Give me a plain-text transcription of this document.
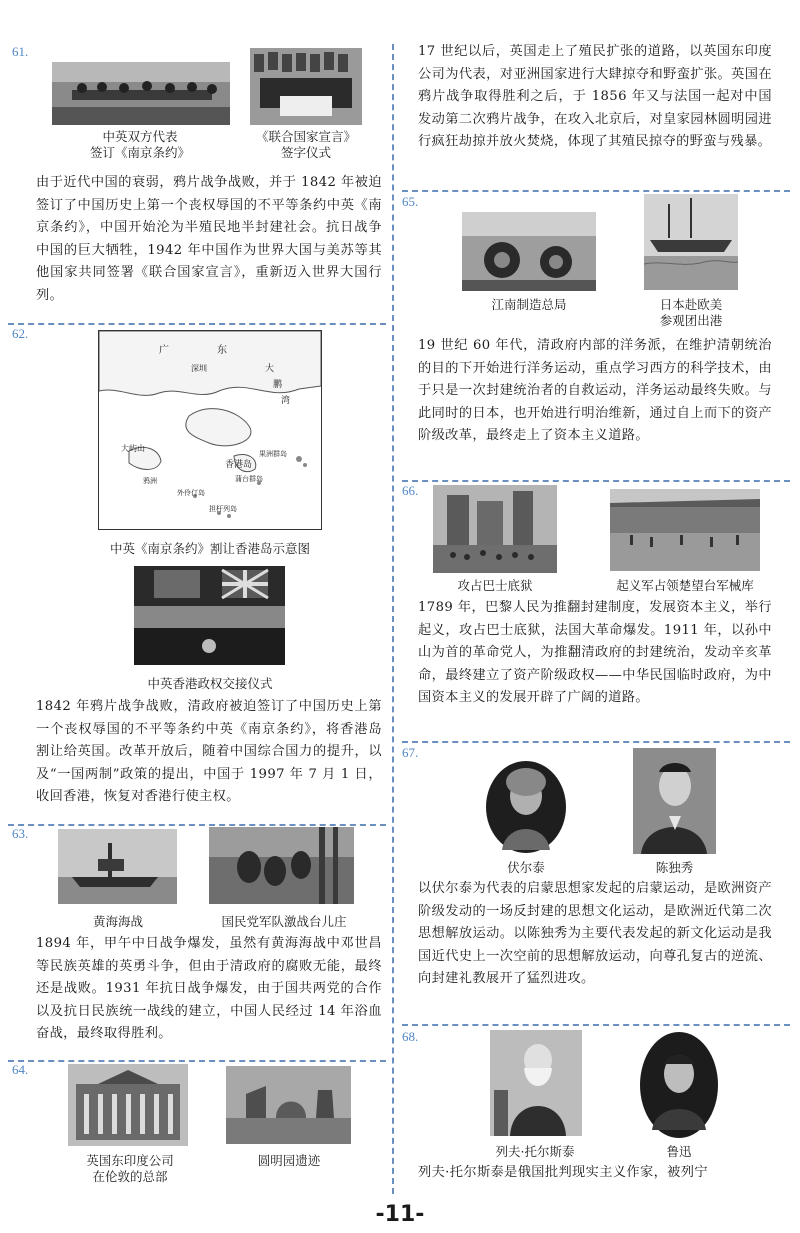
61.
中英双方代表
签订《南京条约》
《联合国家宣言》
签字仪式

由于近代中国的衰弱，鸦片战争战败，并于 1842 年被迫签订了中国历史上第一个丧权辱国的不平等条约中英《南京条约》，中国开始沦为半殖民地半封建社会。抗日战争中国的巨大牺牲，1942 年中国作为世界大国与美苏等其他国家共同签署《联合国家宣言》，重新迈入世界大国行列。

62.
广	东
深圳	大
鹏
湾
大屿山
香港岛
果洲群岛
鸦洲	蒲台群岛
外伶仃岛
担杆列岛
中英《南京条约》割让香港岛示意图
中英香港政权交接仪式

1842 年鸦片战争战败，清政府被迫签订了中国历史上第一个丧权辱国的不平等条约中英《南京条约》，将香港岛割让给英国。改革开放后，随着中国综合国力的提升，以及“一国两制”政策的提出，中国于 1997 年 7 月 1 日，收回香港，恢复对香港行使主权。

63.
黄海海战	国民党军队激战台儿庄

1894 年，甲午中日战争爆发，虽然有黄海海战中邓世昌等民族英雄的英勇斗争，但由于清政府的腐败无能，最终还是战败。1931 年抗日战争爆发，由于国共两党的合作以及抗日民族统一战线的建立，中国人民经过 14 年浴血奋战，最终取得胜利。

64.
英国东印度公司
在伦敦的总部
圆明园遗迹

17 世纪以后，英国走上了殖民扩张的道路，以英国东印度公司为代表，对亚洲国家进行大肆掠夺和野蛮扩张。英国在鸦片战争取得胜利之后，于 1856 年又与法国一起对中国发动第二次鸦片战争，在攻入北京后，对皇家园林圆明园进行疯狂劫掠并放火焚烧，体现了其殖民掠夺的野蛮与残暴。

65.
江南制造总局	日本赴欧美
参观团出港

19 世纪 60 年代，清政府内部的洋务派，在维护清朝统治的目的下开始进行洋务运动，重点学习西方的科学技术，由于只是一次封建统治者的自救运动，洋务运动最终失败。与此同时的日本，也开始进行明治维新，通过自上而下的资产阶级改革，最终走上了资本主义道路。

66.
攻占巴士底狱	起义军占领楚望台军械库

1789 年，巴黎人民为推翻封建制度，发展资本主义，举行起义，攻占巴士底狱，法国大革命爆发。1911 年，以孙中山为首的革命党人，为推翻清政府的封建统治，发动辛亥革命，最终建立了资产阶级政权——中华民国临时政府，为中国资本主义的发展开辟了广阔的道路。

67.
伏尔泰	陈独秀

以伏尔泰为代表的启蒙思想家发起的启蒙运动，是欧洲资产阶级发动的一场反封建的思想文化运动，是欧洲近代第二次思想解放运动。以陈独秀为主要代表发起的新文化运动是我国近代史上一次空前的思想解放运动，向尊孔复古的逆流、向封建礼教展开了猛烈进攻。

68.
列夫·托尔斯泰	鲁迅

列夫·托尔斯泰是俄国批判现实主义作家，被列宁

-11-
